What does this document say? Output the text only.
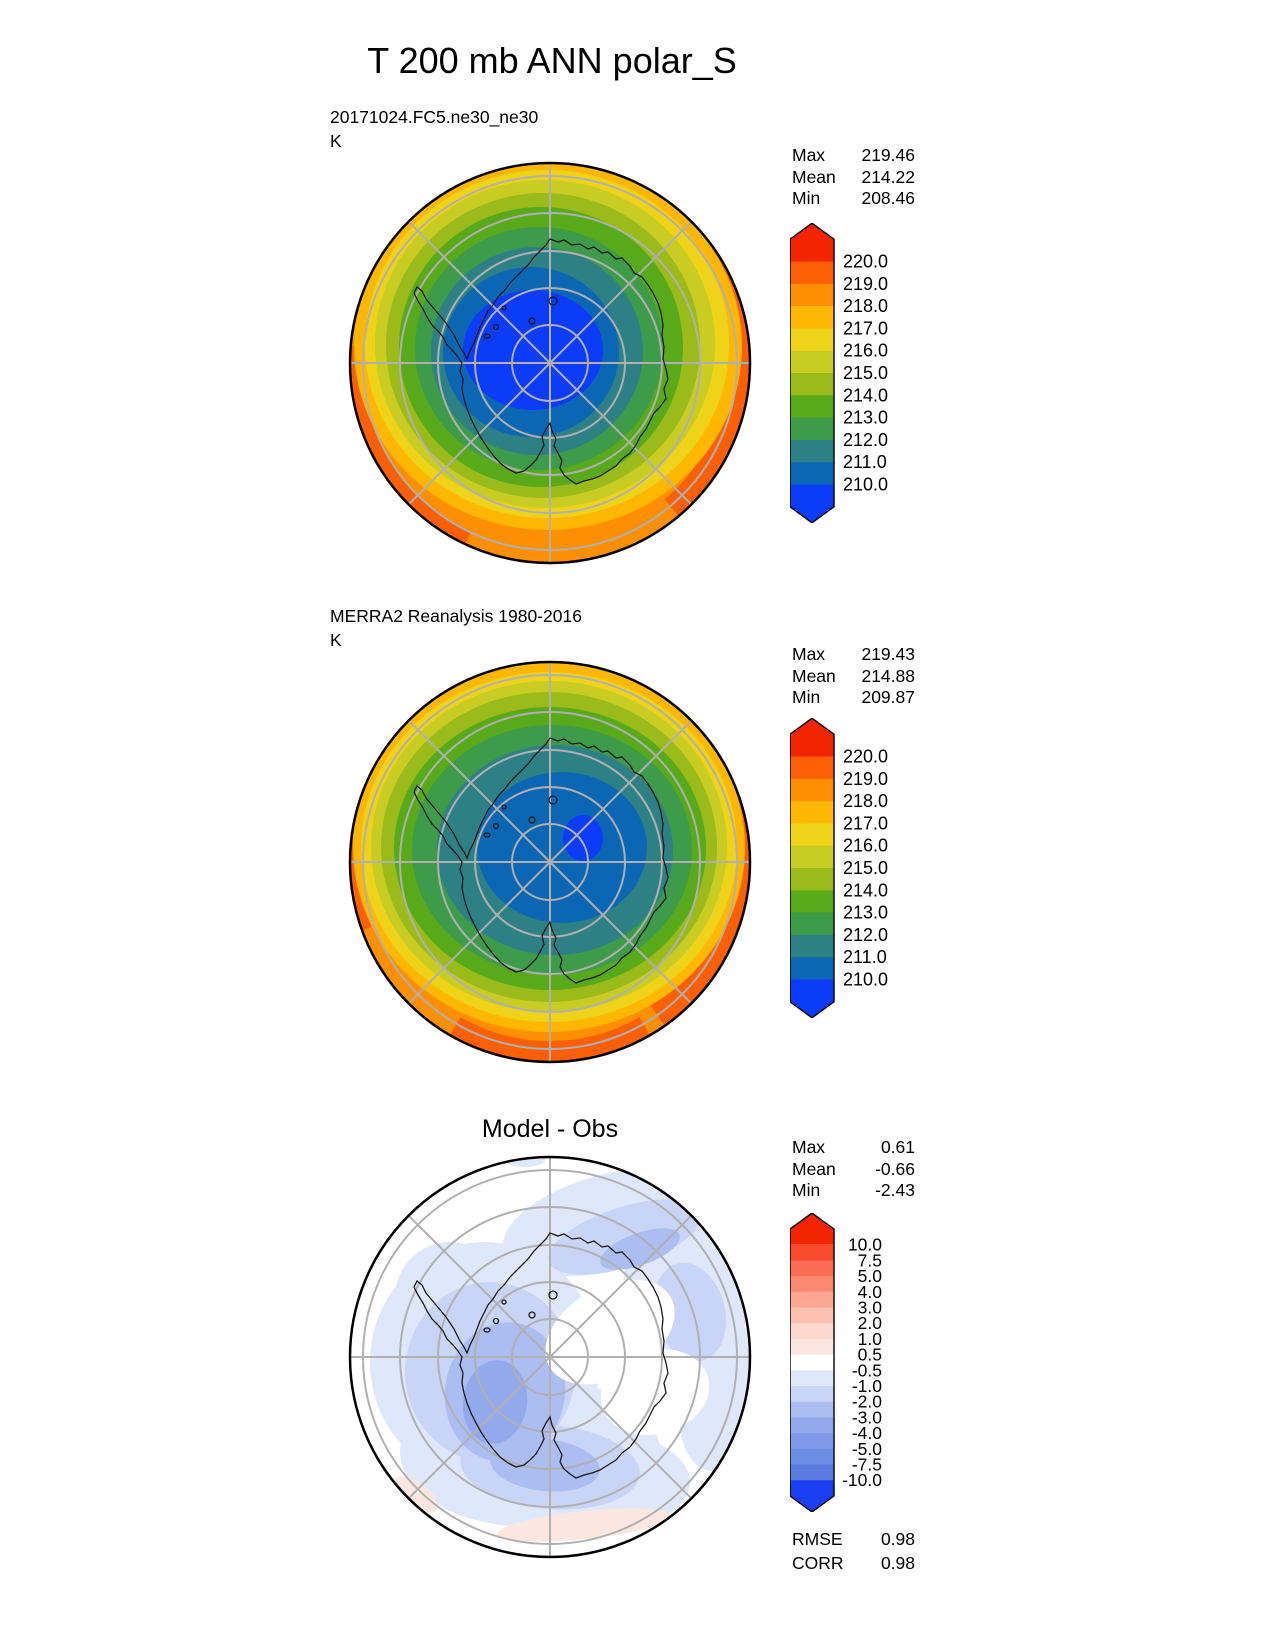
T 200 mb ANN polar_S
20171024.FC5.ne30_ne30
K
Max 219.46
Mean 214.22
Min 208.46
220.0
219.0
218.0
217.0
216.0
215.0
214.0
213.0
212.0
211.0
210.0
MERRA2 Reanalysis 1980-2016
K
Max 219.43
Mean 214.88
Min 209.87
220.0
219.0
218.0
217.0
216.0
215.0
214.0
213.0
212.0
211.0
210.0
Model - Obs
Max	0.61
Mean -0.66
Min	-2.43
10.0
7.5
5.0
4.0
3.0
2.0
1.0
0.5
-0.5
-1.0
-2.0
-3.0
-4.0
-5.0
-7.5
-10.0
RMSE 0.98
CORR 0.98
